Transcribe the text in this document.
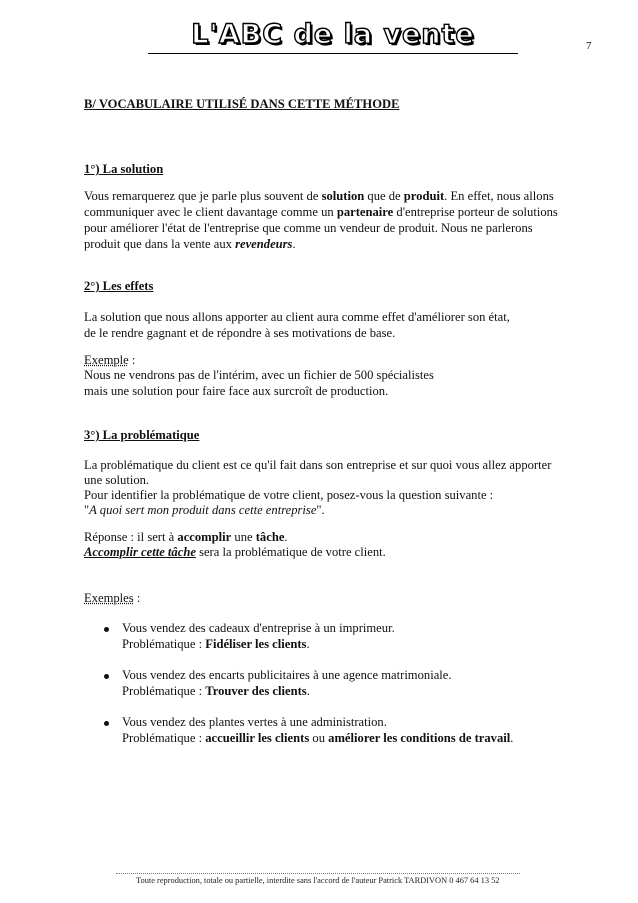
L'ABC de la vente	7
B/ VOCABULAIRE UTILISÉ DANS CETTE MÉTHODE
1°) La solution
Vous remarquerez que je parle plus souvent de solution que de produit. En effet, nous allons
communiquer avec le client davantage comme un partenaire d'entreprise porteur de solutions
pour améliorer l'état de l'entreprise que comme un vendeur de produit. Nous ne parlerons
produit que dans la vente aux revendeurs.
2°) Les effets
La solution que nous allons apporter au client aura comme effet d'améliorer son état,
de le rendre gagnant et de répondre à ses motivations de base.
Exemple :
Nous ne vendrons pas de l'intérim, avec un fichier de 500 spécialistes
mais une solution pour faire face aux surcroît de production.
3°) La problématique
La problématique du client est ce qu'il fait dans son entreprise et sur quoi vous allez apporter
une solution.
Pour identifier la problématique de votre client, posez-vous la question suivante :
"A quoi sert mon produit dans cette entreprise".
Réponse : il sert à accomplir une tâche.
Accomplir cette tâche sera la problématique de votre client.
Exemples :
Vous vendez des cadeaux d'entreprise à un imprimeur.
Problématique : Fidéliser les clients.
Vous vendez des encarts publicitaires à une agence matrimoniale.
Problématique : Trouver des clients.
Vous vendez des plantes vertes à une administration.
Problématique : accueillir les clients ou améliorer les conditions de travail.
Toute reproduction, totale ou partielle, interdite sans l'accord de l'auteur Patrick TARDIVON 0 467 64 13 52
